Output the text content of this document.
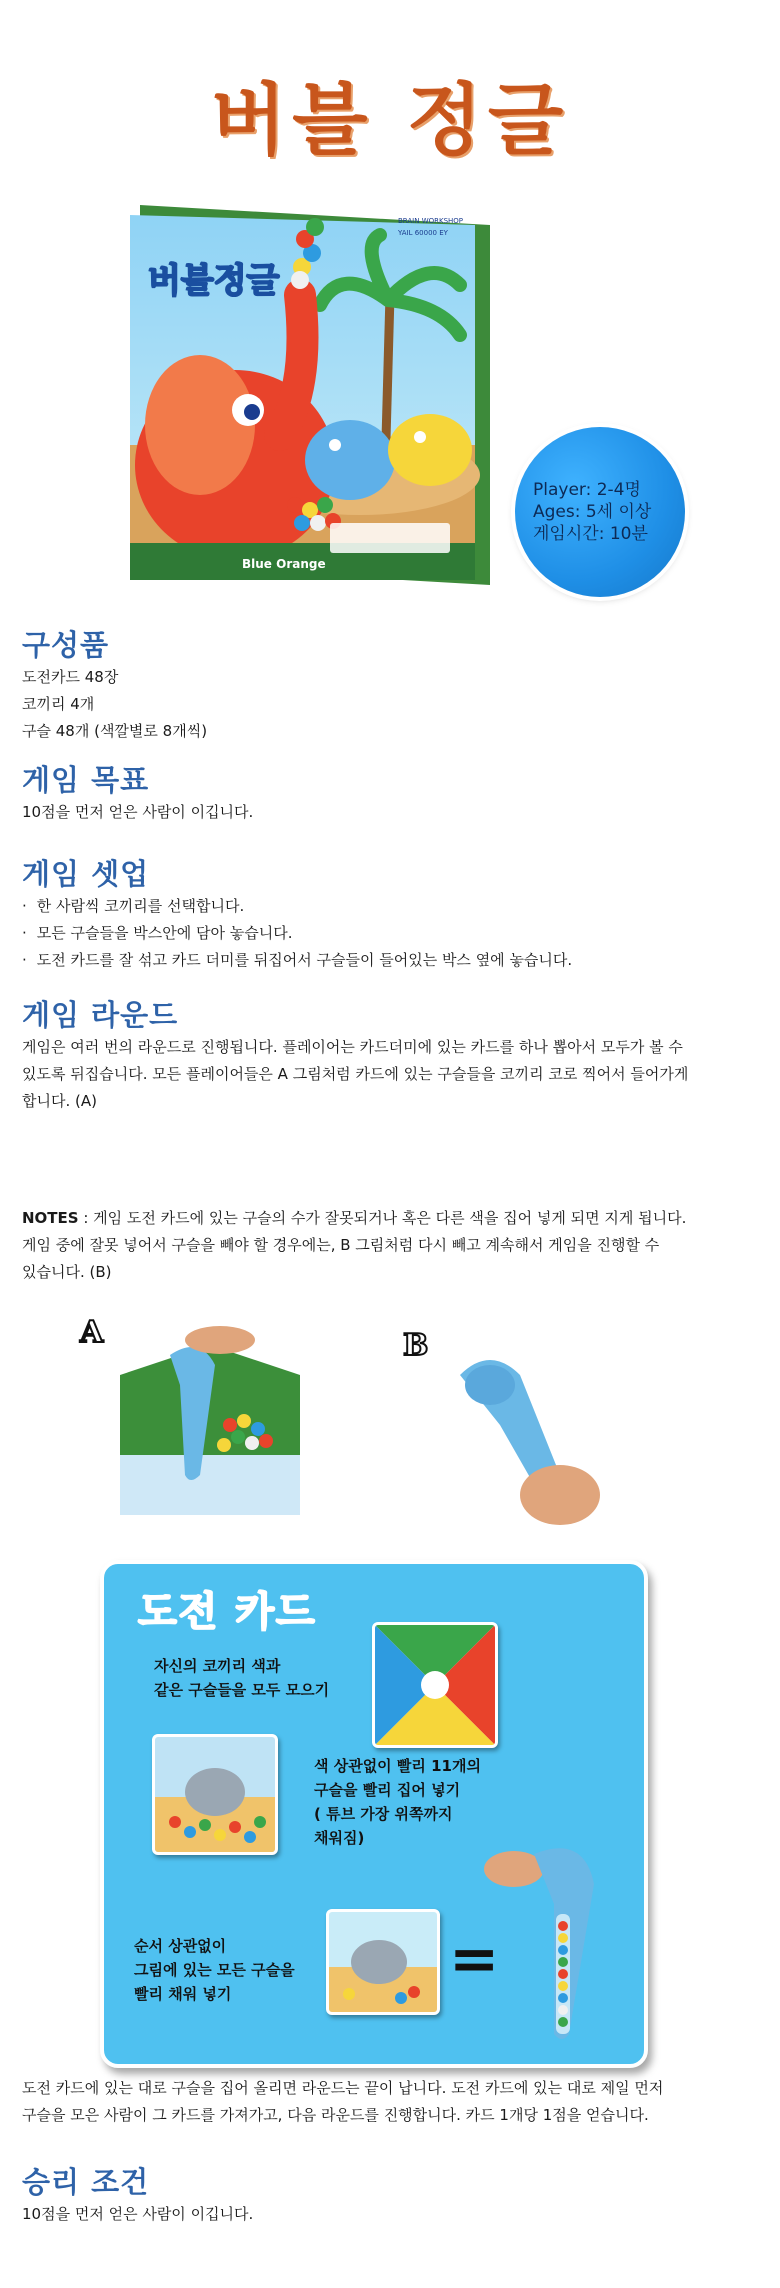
버블 정글
버블정글
Blue Orange
BRAIN WORKSHOP
YAIL 60000 EY
Player: 2-4명
Ages: 5세 이상
게임시간: 10분
구성품
도전카드 48장
코끼리 4개
구슬 48개 (색깔별로 8개씩)
게임 목표
10점을 먼저 얻은 사람이 이깁니다.
게임 셋업
· 한 사람씩 코끼리를 선택합니다.
· 모든 구슬들을 박스안에 담아 놓습니다.
· 도전 카드를 잘 섞고 카드 더미를 뒤집어서 구슬들이 들어있는 박스 옆에 놓습니다.
게임 라운드
게임은 여러 번의 라운드로 진행됩니다. 플레이어는 카드더미에 있는 카드를 하나 뽑아서 모두가 볼 수
있도록 뒤집습니다. 모든 플레이어들은 A 그림처럼 카드에 있는 구슬들을 코끼리 코로 찍어서 들어가게
합니다. (A)
NOTES : 게임 도전 카드에 있는 구슬의 수가 잘못되거나 혹은 다른 색을 집어 넣게 되면 지게 됩니다.
게임 중에 잘못 넣어서 구슬을 빼야 할 경우에는, B 그림처럼 다시 빼고 계속해서 게임을 진행할 수
있습니다. (B)
A	B
도전 카드
자신의 코끼리 색과
같은 구슬들을 모두 모으기
색 상관없이 빨리 11개의
구슬을 빨리 집어 넣기
( 튜브 가장 위쪽까지
채워짐)
순서 상관없이
그림에 있는 모든 구슬을
빨리 채워 넣기	=
도전 카드에 있는 대로 구슬을 집어 올리면 라운드는 끝이 납니다. 도전 카드에 있는 대로 제일 먼저
구슬을 모은 사람이 그 카드를 가져가고, 다음 라운드를 진행합니다. 카드 1개당 1점을 얻습니다.
승리 조건
10점을 먼저 얻은 사람이 이깁니다.
